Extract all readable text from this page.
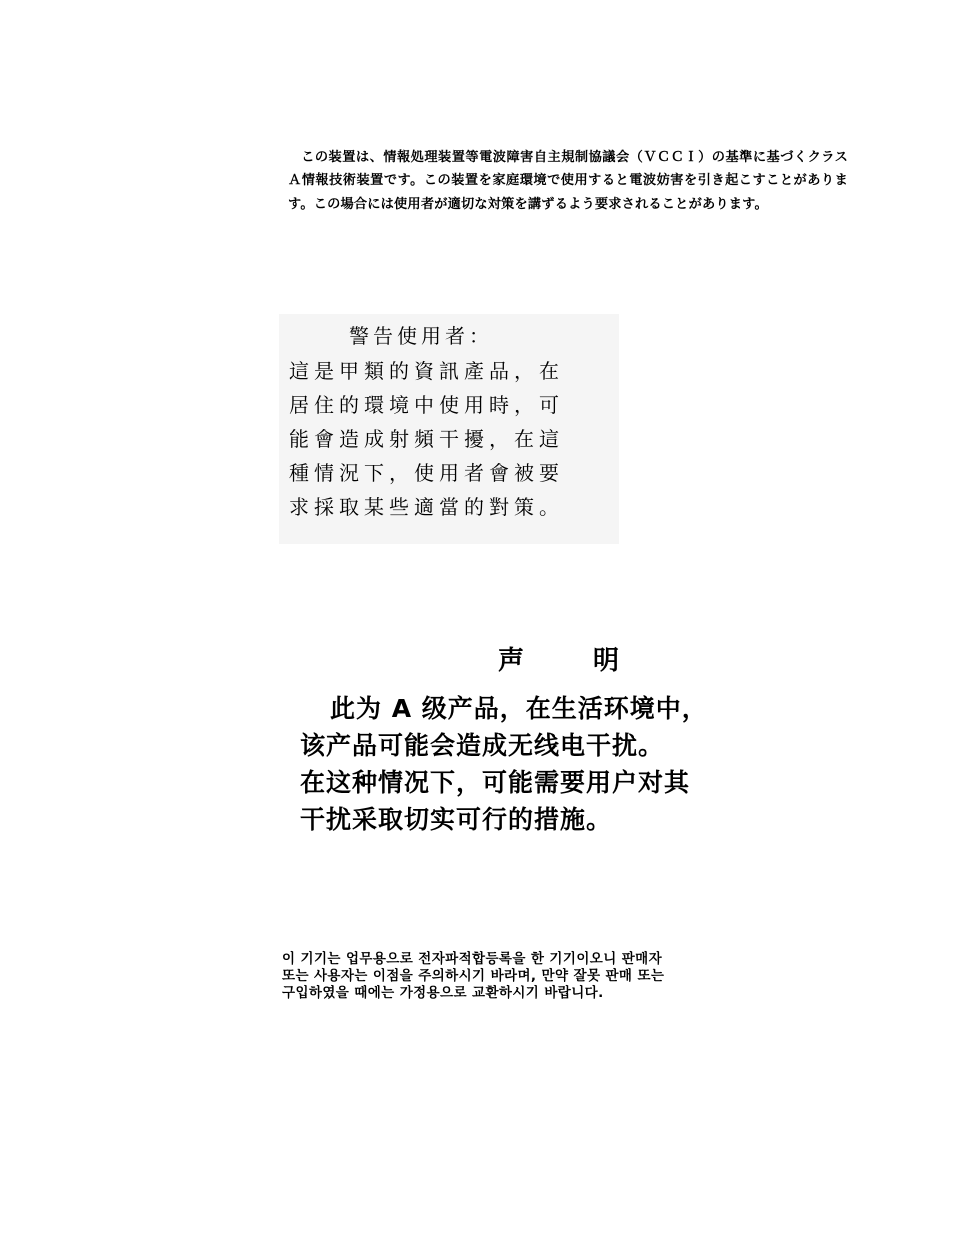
この装置は、情報処理装置等電波障害自主規制協議会（ＶＣＣＩ）の基準に基づくクラスＡ情報技術装置です。この装置を家庭環境で使用すると電波妨害を引き起こすことがあります。この場合には使用者が適切な対策を講ずるよう要求されることがあります。

警告使用者：
這是甲類的資訊產品，在
居住的環境中使用時，可
能會造成射頻干擾，在這
種情況下，使用者會被要
求採取某些適當的對策。
声 明
此为 A 级产品，在生活环境中，
该产品可能会造成无线电干扰。
在这种情况下，可能需要用户对其
干扰采取切实可行的措施。
이 기기는 업무용으로 전자파적합등록을 한 기기이오니 판매자
또는 사용자는 이점을 주의하시기 바라며, 만약 잘못 판매 또는
구입하였을 때에는 가정용으로 교환하시기 바랍니다.
